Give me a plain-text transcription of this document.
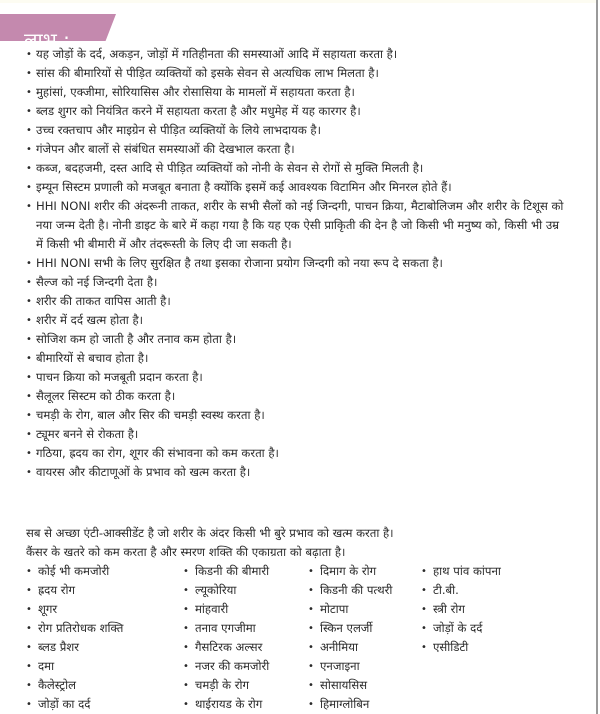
लाभ :
• यह जोड़ों के दर्द, अकड़न, जोड़ों में गतिहीनता की समस्याओं आदि में सहायता करता है।
• सांस की बीमारियों से पीड़ित व्यक्तियों को इसके सेवन से अत्यधिक लाभ मिलता है।
• मुहांसां, एक्जीमा, सोरियासिस और रोसासिया के मामलों में सहायता करता है।
• ब्लड शुगर को नियंत्रित करने में सहायता करता है और मधुमेह में यह कारगर है।
• उच्च रक्तचाप और माइग्रेन से पीड़ित व्यक्तियों के लिये लाभदायक है।
• गंजेपन और बालों से संबंधित समस्याओं की देखभाल करता है।
• कब्ज, बदहजमी, दस्त आदि से पीड़ित व्यक्तियों को नोनी के सेवन से रोगों से मुक्ति मिलती है।
• इम्यून सिस्टम प्रणाली को मजबूत बनाता है क्योंकि इसमें कई आवश्यक विटामिन और मिनरल होते हैं।
• HHI NONI शरीर की अंदरूनी ताकत, शरीर के सभी सैलों को नई जिन्दगी, पाचन क्रिया, मैटाबोलिजम और शरीर के टिशूस को नया जन्म देती है। नोनी डाइट के बारे में कहा गया है कि यह एक ऐसी प्राकृिती की देन है जो किसी भी मनुष्य को, किसी भी उम्र में किसी भी बीमारी में और तंदरूस्ती के लिए दी जा सकती है।
• HHI NONI सभी के लिए सुरक्षित है तथा इसका रोजाना प्रयोग जिन्दगी को नया रूप दे सकता है।
• सैल्ज को नई जिन्दगी देता है।
• शरीर की ताकत वापिस आती है।
• शरीर में दर्द खत्म होता है।
• सोजिश कम हो जाती है और तनाव कम होता है।
• बीमारियों से बचाव होता है।
• पाचन क्रिया को मजबूती प्रदान करता है।
• सैलूलर सिस्टम को ठीक करता है।
• चमड़ी के रोग, बाल और सिर की चमड़ी स्वस्थ करता है।
• ट्यूमर बनने से रोकता है।
• गठिया, ह्रदय का रोग, शूगर की संभावना को कम करता है।
• वायरस और कीटाणूओं के प्रभाव को खत्म करता है।

सब से अच्छा एंटी-आक्सीडेंट है जो शरीर के अंदर किसी भी बुरे प्रभाव को खत्म करता है।

कैंसर के खतरे को कम करता है और स्मरण शक्ति की एकाग्रता को बढ़ाता है।

• कोई भी कमजोरी
• ह्रदय रोग
• शूगर
• रोग प्रतिरोधक शक्ति
• ब्लड प्रैशर
• दमा
• कैलेस्ट्रोल
• जोड़ों का दर्द
• किडनी की बीमारी
• ल्यूकोरिया
• मांहवारी
• तनाव एगजीमा
• गैसटिरक अल्सर
• नजर की कमजोरी
• चमड़ी के रोग
• थाईरायड के रोग
• दिमाग के रोग
• किडनी की पत्थरी
• मोटापा
• स्किन एलर्जी
• अनीमिया
• एनजाइना
• सोसायसिस
• हिमाग्लोबिन
• हाथ पांव कांपना
• टी.बी.
• स्त्री रोग
• जोड़ों के दर्द
• एसीडिटी
